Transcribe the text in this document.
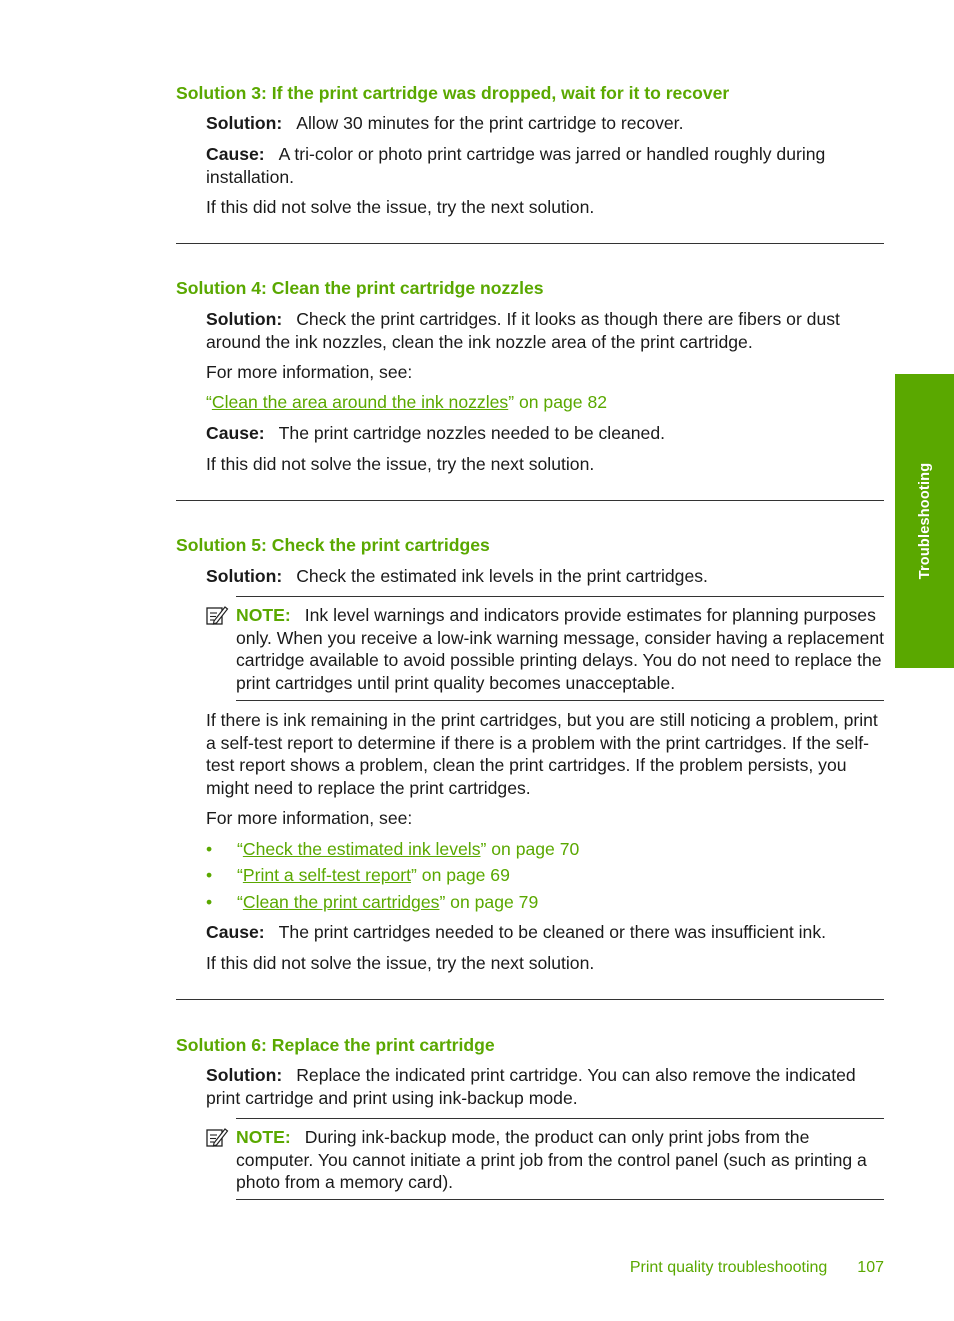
Solution 3: If the print cartridge was dropped, wait for it to recover

Solution: Allow 30 minutes for the print cartridge to recover.

Cause: A tri-color or photo print cartridge was jarred or handled roughly during installation.

If this did not solve the issue, try the next solution.

Solution 4: Clean the print cartridge nozzles

Solution: Check the print cartridges. If it looks as though there are fibers or dust around the ink nozzles, clean the ink nozzle area of the print cartridge.

For more information, see:

“Clean the area around the ink nozzles” on page 82

Cause: The print cartridge nozzles needed to be cleaned.

If this did not solve the issue, try the next solution.

Solution 5: Check the print cartridges

Solution: Check the estimated ink levels in the print cartridges.

NOTE: Ink level warnings and indicators provide estimates for planning purposes only. When you receive a low-ink warning message, consider having a replacement cartridge available to avoid possible printing delays. You do not need to replace the print cartridges until print quality becomes unacceptable.

If there is ink remaining in the print cartridges, but you are still noticing a problem, print a self-test report to determine if there is a problem with the print cartridges. If the self-test report shows a problem, clean the print cartridges. If the problem persists, you might need to replace the print cartridges.

For more information, see:

• “Check the estimated ink levels” on page 70
• “Print a self-test report” on page 69
• “Clean the print cartridges” on page 79

Cause: The print cartridges needed to be cleaned or there was insufficient ink.

If this did not solve the issue, try the next solution.

Solution 6: Replace the print cartridge

Solution: Replace the indicated print cartridge. You can also remove the indicated print cartridge and print using ink-backup mode.

NOTE: During ink-backup mode, the product can only print jobs from the computer. You cannot initiate a print job from the control panel (such as printing a photo from a memory card).

Troubleshooting
Print quality troubleshooting 107
